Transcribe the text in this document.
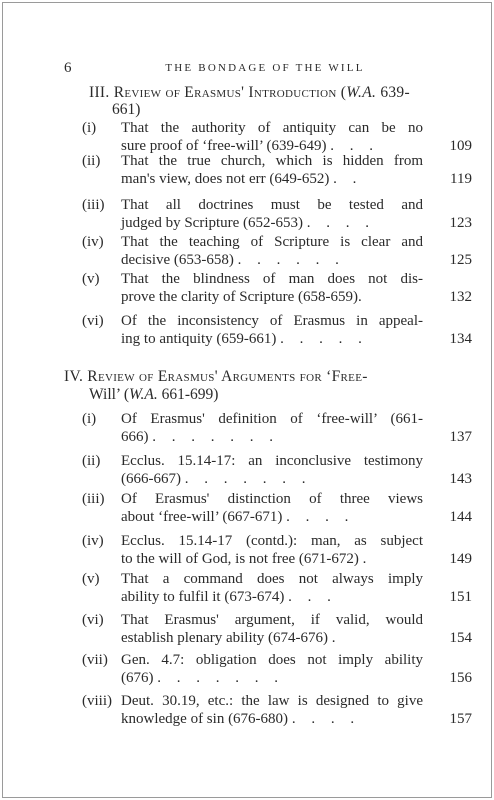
6	THE BONDAGE OF THE WILL
III. Review of Erasmus' Introduction (W.A. 639-
661)
(i)	That the authority of antiquity can be no
sure proof of ‘free-will’ (639-649) . . .	109
(ii)	That the true church, which is hidden from
man's view, does not err (649-652) . .	119
(iii)	That all doctrines must be tested and
judged by Scripture (652-653) . . . .	123
(iv)	That the teaching of Scripture is clear and
decisive (653-658) . . . . . .	125
(v)	That the blindness of man does not dis-
prove the clarity of Scripture (658-659).	132
(vi)	Of the inconsistency of Erasmus in appeal-
ing to antiquity (659-661) . . . . .	134
IV. Review of Erasmus' Arguments for ‘Free-
Will’ (W.A. 661-699)
(i)	Of Erasmus' definition of ‘free-will’ (661-
666) . . . . . . .	137
(ii)	Ecclus. 15.14-17: an inconclusive testimony
(666-667) . . . . . . .	143
(iii)	Of Erasmus' distinction of three views
about ‘free-will’ (667-671) . . . .	144
(iv)	Ecclus. 15.14-17 (contd.): man, as subject
to the will of God, is not free (671-672) .	149
(v)	That a command does not always imply
ability to fulfil it (673-674) . . .	151
(vi)	That Erasmus' argument, if valid, would
establish plenary ability (674-676) .	154
(vii) Gen. 4.7: obligation does not imply ability
(676) . . . . . . .	156
(viii) Deut. 30.19, etc.: the law is designed to give
knowledge of sin (676-680) . . . .	157
